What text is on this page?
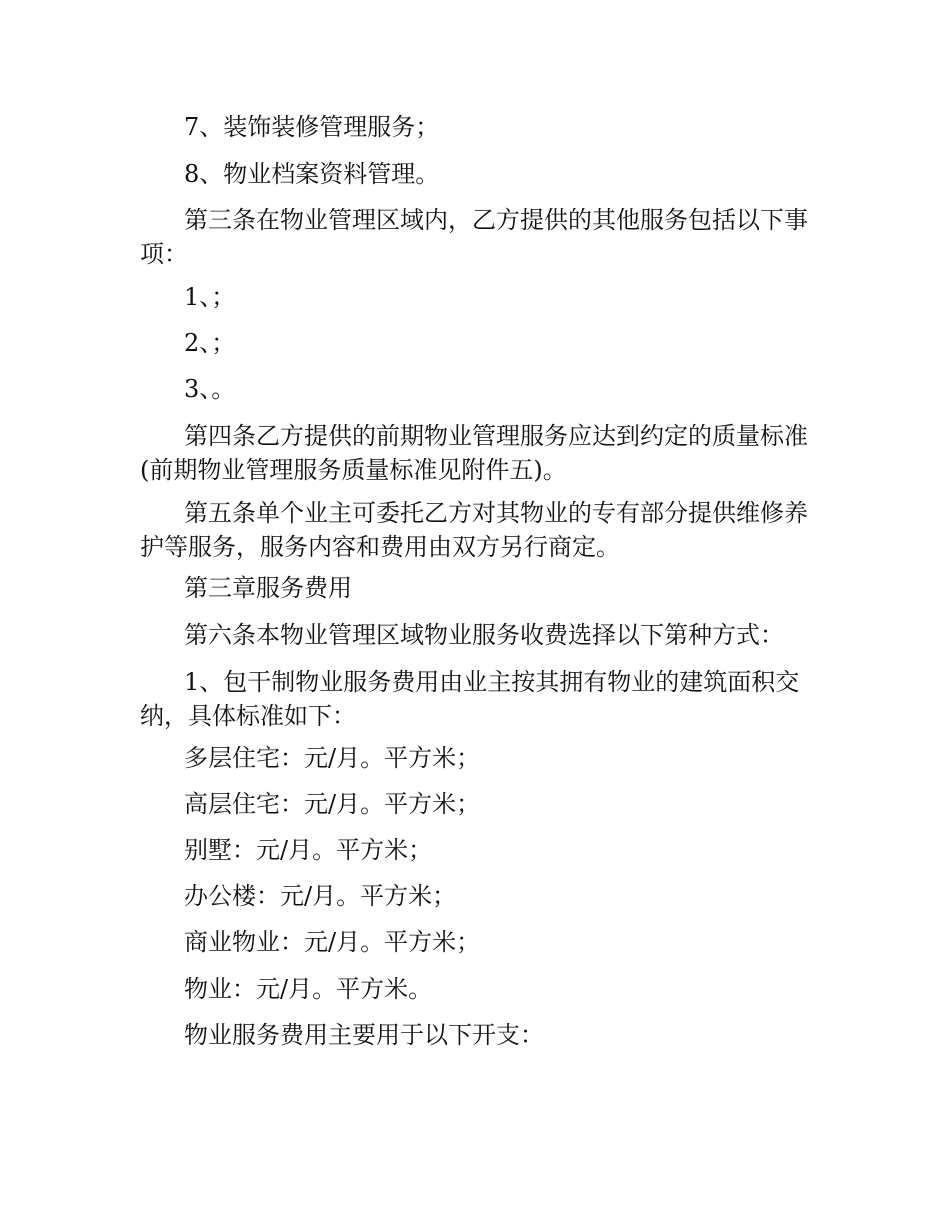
7、装饰装修管理服务；

8、物业档案资料管理。

第三条在物业管理区域内，乙方提供的其他服务包括以下事项：

1、；

2、；

3、。

第四条乙方提供的前期物业管理服务应达到约定的质量标准(前期物业管理服务质量标准见附件五)。

第五条单个业主可委托乙方对其物业的专有部分提供维修养护等服务，服务内容和费用由双方另行商定。

第三章服务费用

第六条本物业管理区域物业服务收费选择以下第种方式：

1、包干制物业服务费用由业主按其拥有物业的建筑面积交纳，具体标准如下：

多层住宅：元/月。平方米；

高层住宅：元/月。平方米；

别墅：元/月。平方米；

办公楼：元/月。平方米；

商业物业：元/月。平方米；

物业：元/月。平方米。

物业服务费用主要用于以下开支：
